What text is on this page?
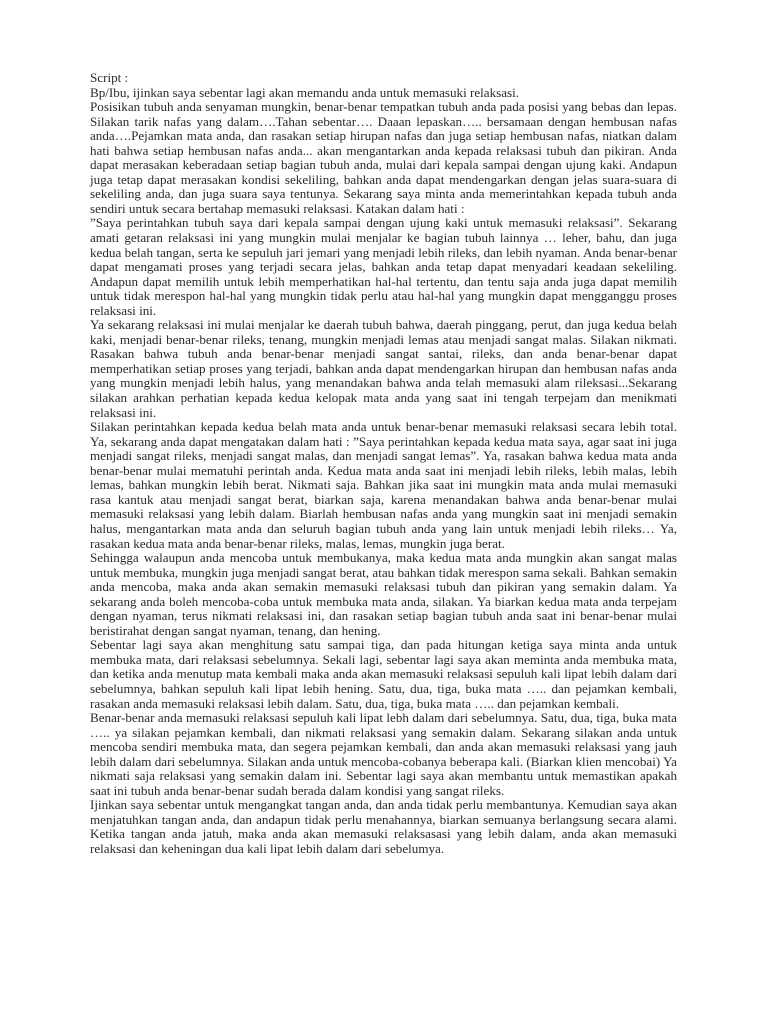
Script :

Bp/Ibu, ijinkan saya sebentar lagi akan memandu anda untuk memasuki relaksasi.

Posisikan tubuh anda senyaman mungkin, benar-benar tempatkan tubuh anda pada posisi yang bebas dan lepas. Silakan tarik nafas yang dalam….Tahan sebentar…. Daaan lepaskan….. bersamaan dengan hembusan nafas anda….Pejamkan mata anda, dan rasakan setiap hirupan nafas dan juga setiap hembusan nafas, niatkan dalam hati bahwa setiap hembusan nafas anda... akan mengantarkan anda kepada relaksasi tubuh dan pikiran. Anda dapat merasakan keberadaan setiap bagian tubuh anda, mulai dari kepala sampai dengan ujung kaki. Andapun juga tetap dapat merasakan kondisi sekeliling, bahkan anda dapat mendengarkan dengan jelas suara-suara di sekeliling anda, dan juga suara saya tentunya. Sekarang saya minta anda memerintahkan kepada tubuh anda sendiri untuk secara bertahap memasuki relaksasi. Katakan dalam hati :

”Saya perintahkan tubuh saya dari kepala sampai dengan ujung kaki untuk memasuki relaksasi”. Sekarang amati getaran relaksasi ini yang mungkin mulai menjalar ke bagian tubuh lainnya … leher, bahu, dan juga kedua belah tangan, serta ke sepuluh jari jemari yang menjadi lebih rileks, dan lebih nyaman. Anda benar-benar dapat mengamati proses yang terjadi secara jelas, bahkan anda tetap dapat menyadari keadaan sekeliling. Andapun dapat memilih untuk lebih memperhatikan hal-hal tertentu, dan tentu saja anda juga dapat memilih untuk tidak merespon hal-hal yang mungkin tidak perlu atau hal-hal yang mungkin dapat mengganggu proses relaksasi ini.

Ya sekarang relaksasi ini mulai menjalar ke daerah tubuh bahwa, daerah pinggang, perut, dan juga kedua belah kaki, menjadi benar-benar rileks, tenang, mungkin menjadi lemas atau menjadi sangat malas. Silakan nikmati. Rasakan bahwa tubuh anda benar-benar menjadi sangat santai, rileks, dan anda benar-benar dapat memperhatikan setiap proses yang terjadi, bahkan anda dapat mendengarkan hirupan dan hembusan nafas anda yang mungkin menjadi lebih halus, yang menandakan bahwa anda telah memasuki alam rileksasi...Sekarang silakan arahkan perhatian kepada kedua kelopak mata anda yang saat ini tengah terpejam dan menikmati relaksasi ini.

Silakan perintahkan kepada kedua belah mata anda untuk benar-benar memasuki relaksasi secara lebih total. Ya, sekarang anda dapat mengatakan dalam hati : ”Saya perintahkan kepada kedua mata saya, agar saat ini juga menjadi sangat rileks, menjadi sangat malas, dan menjadi sangat lemas”. Ya, rasakan bahwa kedua mata anda benar-benar mulai mematuhi perintah anda. Kedua mata anda saat ini menjadi lebih rileks, lebih malas, lebih lemas, bahkan mungkin lebih berat. Nikmati saja. Bahkan jika saat ini mungkin mata anda mulai memasuki rasa kantuk atau menjadi sangat berat, biarkan saja, karena menandakan bahwa anda benar-benar mulai memasuki relaksasi yang lebih dalam. Biarlah hembusan nafas anda yang mungkin saat ini menjadi semakin halus, mengantarkan mata anda dan seluruh bagian tubuh anda yang lain untuk menjadi lebih rileks… Ya, rasakan kedua mata anda benar-benar rileks, malas, lemas, mungkin juga berat.

Sehingga walaupun anda mencoba untuk membukanya, maka kedua mata anda mungkin akan sangat malas untuk membuka, mungkin juga menjadi sangat berat, atau bahkan tidak merespon sama sekali. Bahkan semakin anda mencoba, maka anda akan semakin memasuki relaksasi tubuh dan pikiran yang semakin dalam. Ya sekarang anda boleh mencoba-coba untuk membuka mata anda, silakan. Ya biarkan kedua mata anda terpejam dengan nyaman, terus nikmati relaksasi ini, dan rasakan setiap bagian tubuh anda saat ini benar-benar mulai beristirahat dengan sangat nyaman, tenang, dan hening.

Sebentar lagi saya akan menghitung satu sampai tiga, dan pada hitungan ketiga saya minta anda untuk membuka mata, dari relaksasi sebelumnya. Sekali lagi, sebentar lagi saya akan meminta anda membuka mata, dan ketika anda menutup mata kembali maka anda akan memasuki relaksasi sepuluh kali lipat lebih dalam dari sebelumnya, bahkan sepuluh kali lipat lebih hening. Satu, dua, tiga, buka mata ….. dan pejamkan kembali, rasakan anda memasuki relaksasi lebih dalam. Satu, dua, tiga, buka mata ….. dan pejamkan kembali.

Benar-benar anda memasuki relaksasi sepuluh kali lipat lebh dalam dari sebelumnya. Satu, dua, tiga, buka mata ….. ya silakan pejamkan kembali, dan nikmati relaksasi yang semakin dalam. Sekarang silakan anda untuk mencoba sendiri membuka mata, dan segera pejamkan kembali, dan anda akan memasuki relaksasi yang jauh lebih dalam dari sebelumnya. Silakan anda untuk mencoba-cobanya beberapa kali. (Biarkan klien mencobai) Ya nikmati saja relaksasi yang semakin dalam ini. Sebentar lagi saya akan membantu untuk memastikan apakah saat ini tubuh anda benar-benar sudah berada dalam kondisi yang sangat rileks.

Ijinkan saya sebentar untuk mengangkat tangan anda, dan anda tidak perlu membantunya. Kemudian saya akan menjatuhkan tangan anda, dan andapun tidak perlu menahannya, biarkan semuanya berlangsung secara alami. Ketika tangan anda jatuh, maka anda akan memasuki relaksasasi yang lebih dalam, anda akan memasuki relaksasi dan keheningan dua kali lipat lebih dalam dari sebelumya.
